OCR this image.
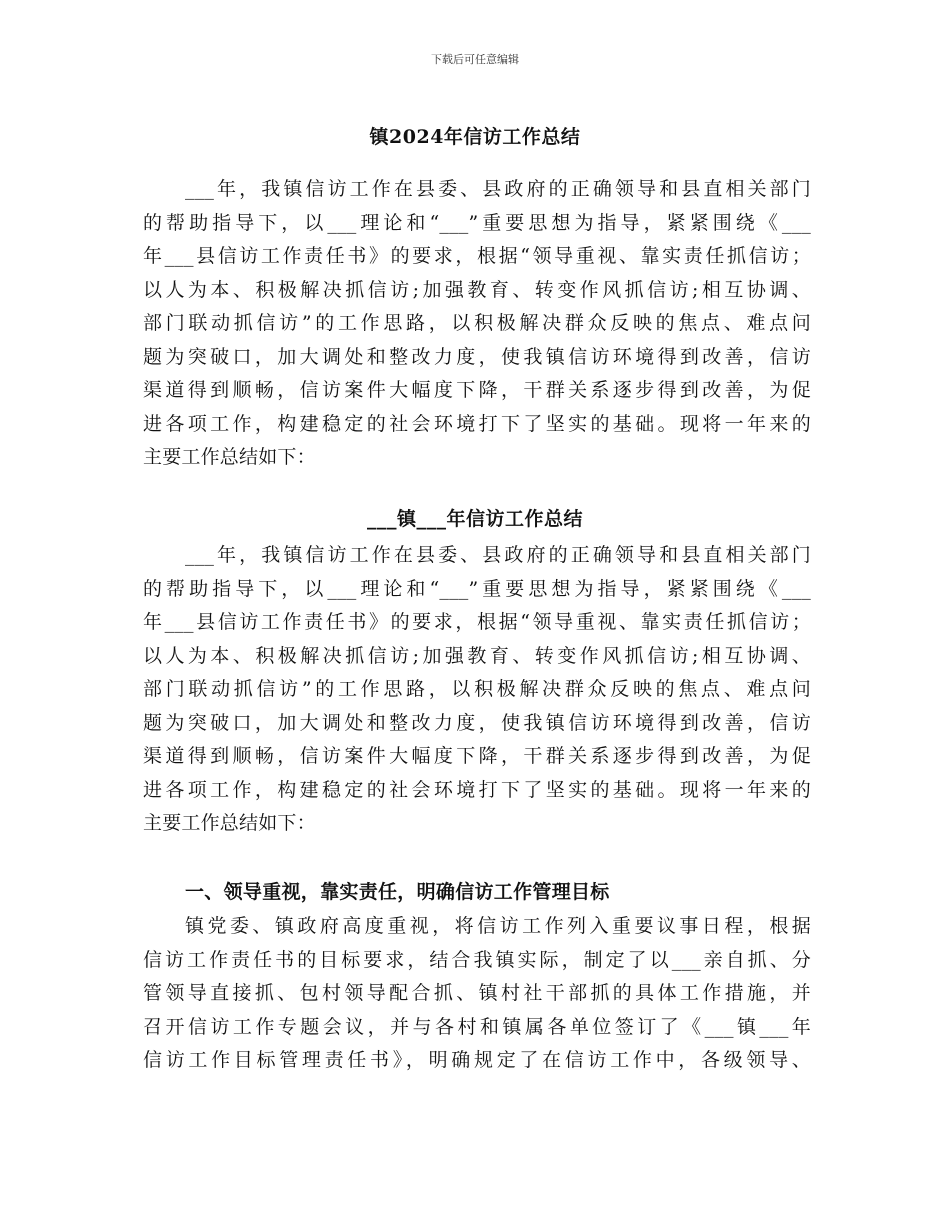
下载后可任意编辑
镇2024年信访工作总结
___年，我镇信访工作在县委、县政府的正确领导和县直相关部门
的帮助指导下，以___理论和“___”重要思想为指导，紧紧围绕《___
年___县信访工作责任书》的要求，根据“领导重视、靠实责任抓信访；
以人为本、积极解决抓信访;加强教育、转变作风抓信访;相互协调、
部门联动抓信访”的工作思路，以积极解决群众反映的焦点、难点问
题为突破口，加大调处和整改力度，使我镇信访环境得到改善，信访
渠道得到顺畅，信访案件大幅度下降，干群关系逐步得到改善，为促
进各项工作，构建稳定的社会环境打下了坚实的基础。现将一年来的
主要工作总结如下：
___镇___年信访工作总结
___年，我镇信访工作在县委、县政府的正确领导和县直相关部门
的帮助指导下，以___理论和“___”重要思想为指导，紧紧围绕《___
年___县信访工作责任书》的要求，根据“领导重视、靠实责任抓信访；
以人为本、积极解决抓信访;加强教育、转变作风抓信访;相互协调、
部门联动抓信访”的工作思路，以积极解决群众反映的焦点、难点问
题为突破口，加大调处和整改力度，使我镇信访环境得到改善，信访
渠道得到顺畅，信访案件大幅度下降，干群关系逐步得到改善，为促
进各项工作，构建稳定的社会环境打下了坚实的基础。现将一年来的
主要工作总结如下：
一、领导重视，靠实责任，明确信访工作管理目标
镇党委、镇政府高度重视，将信访工作列入重要议事日程，根据
信访工作责任书的目标要求，结合我镇实际，制定了以___亲自抓、分
管领导直接抓、包村领导配合抓、镇村社干部抓的具体工作措施，并
召开信访工作专题会议，并与各村和镇属各单位签订了《___镇___年
信访工作目标管理责任书》，明确规定了在信访工作中，各级领导、
